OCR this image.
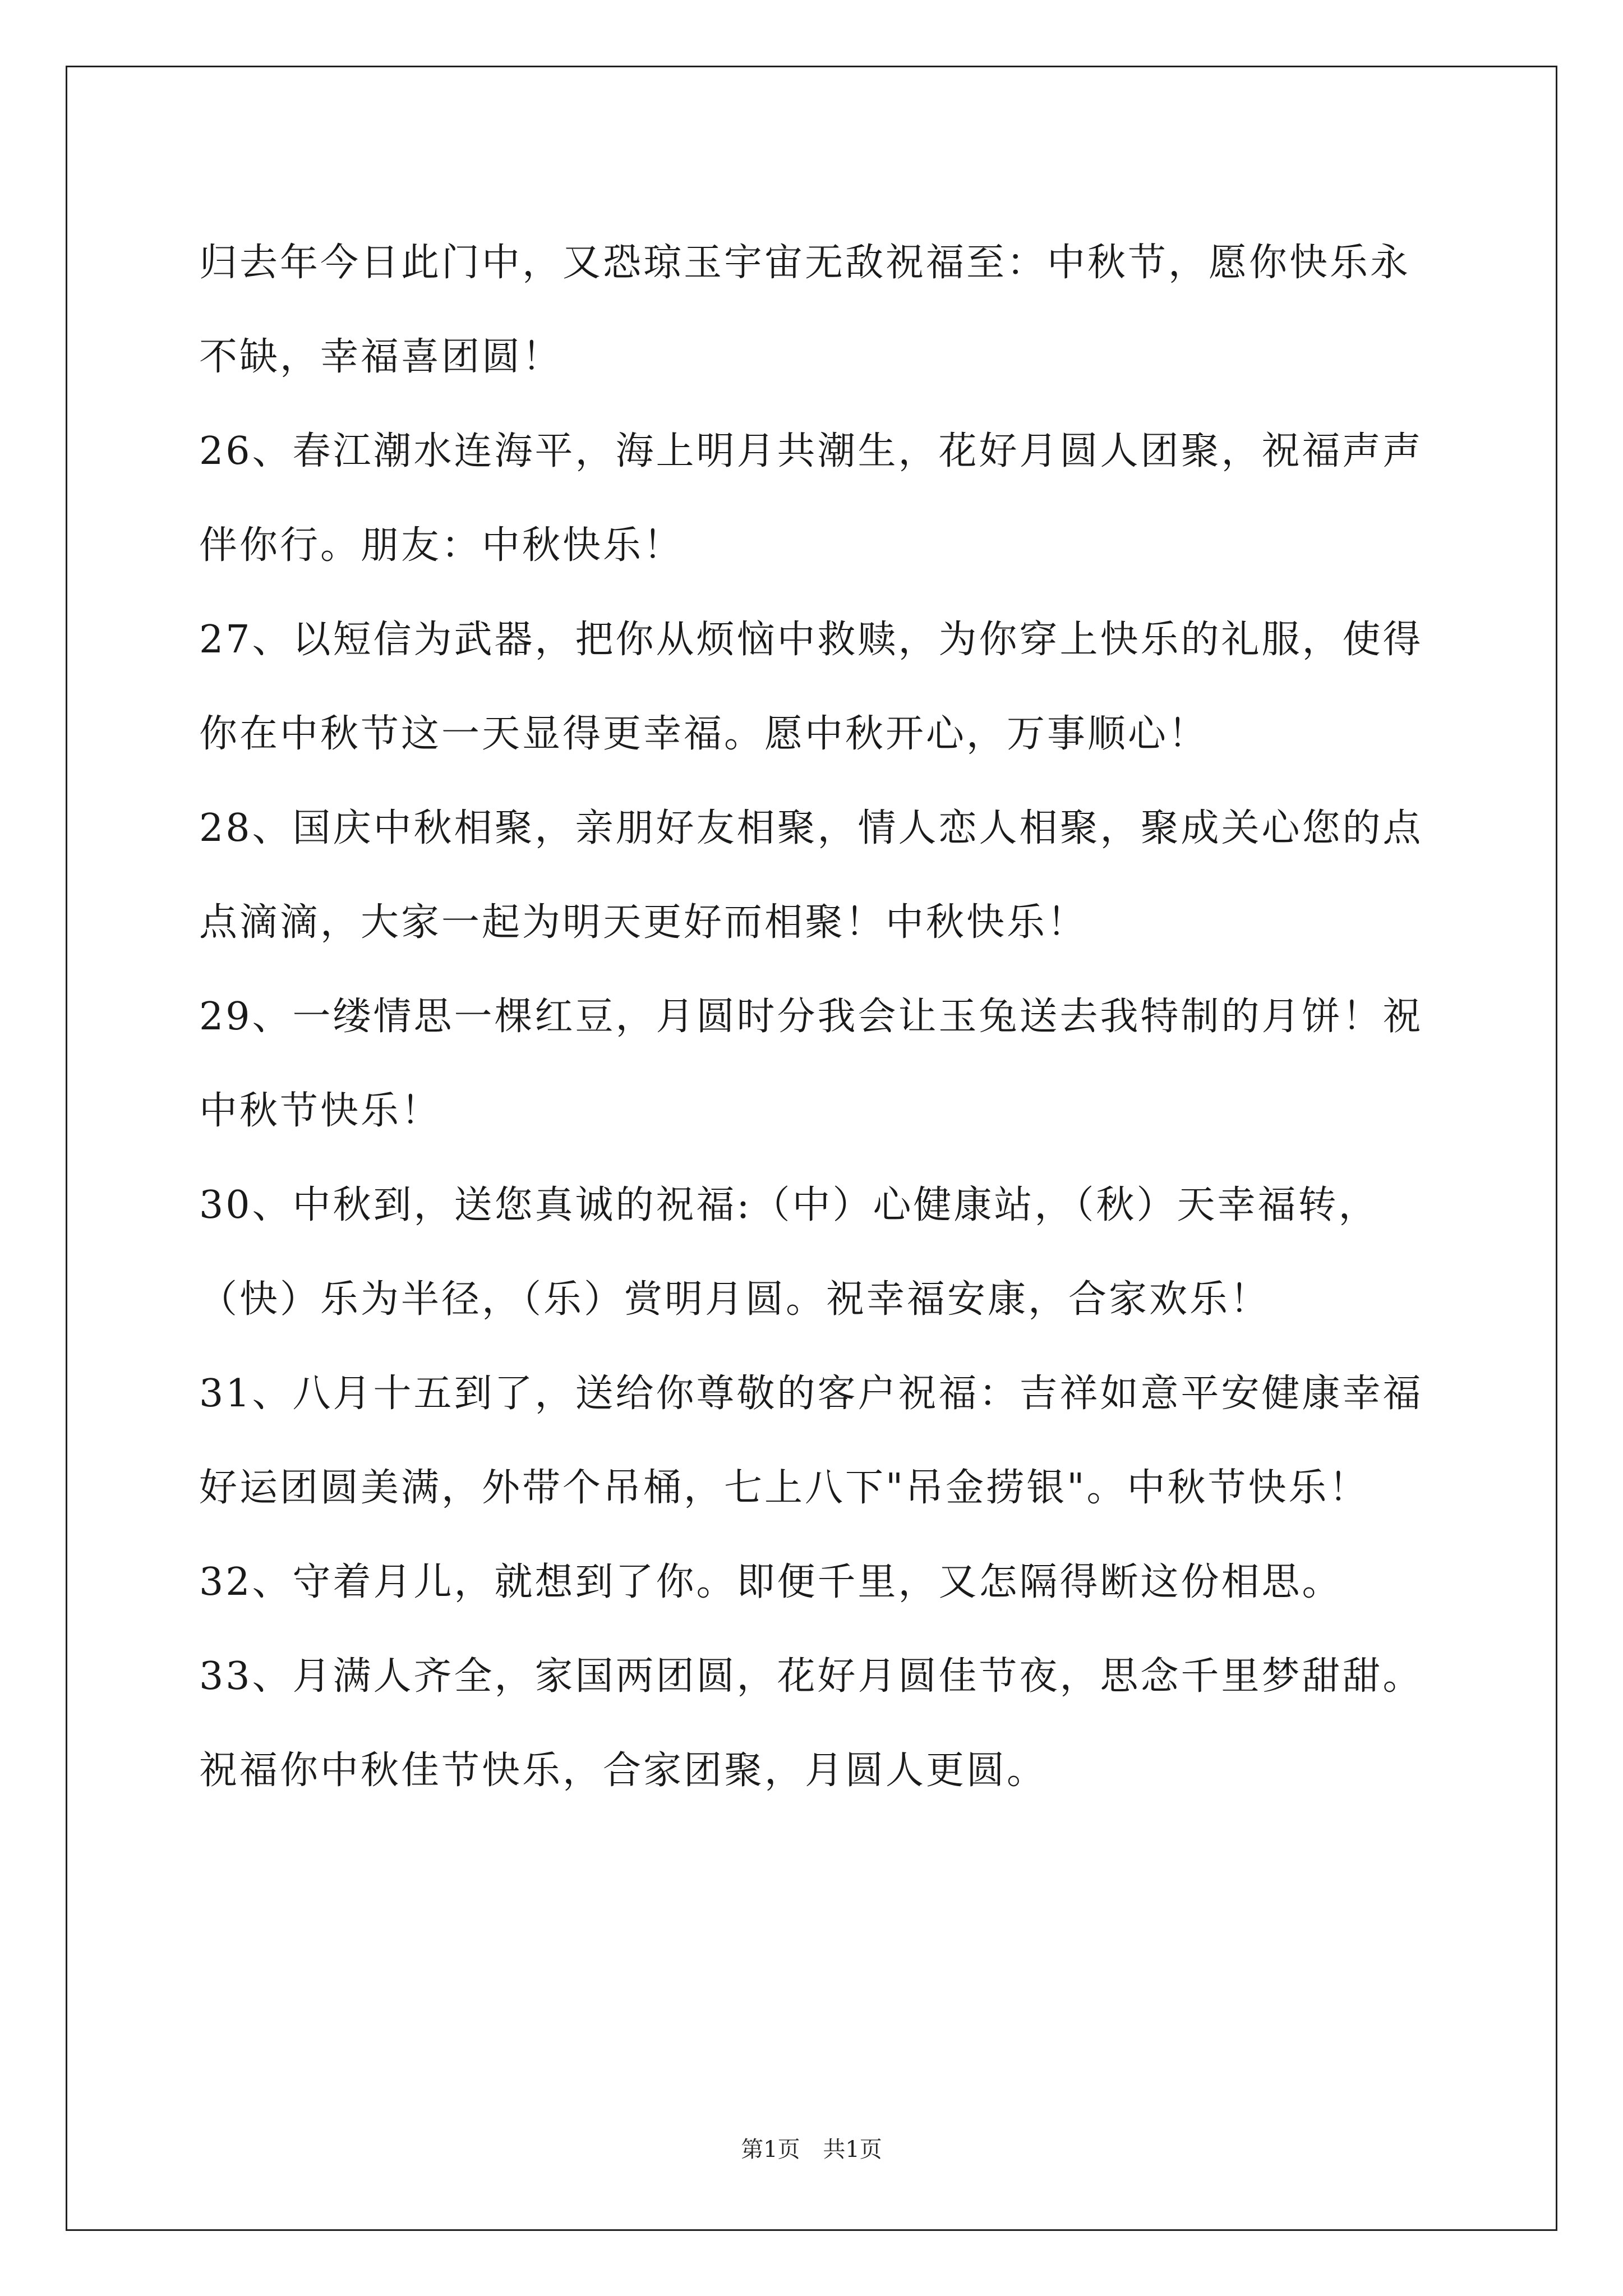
归去年今日此门中，又恐琼玉宇宙无敌祝福至：中秋节，愿你快乐永不缺，幸福喜团圆！

26、春江潮水连海平，海上明月共潮生，花好月圆人团聚，祝福声声伴你行。朋友：中秋快乐！

27、以短信为武器，把你从烦恼中救赎，为你穿上快乐的礼服，使得你在中秋节这一天显得更幸福。愿中秋开心，万事顺心！

28、国庆中秋相聚，亲朋好友相聚，情人恋人相聚，聚成关心您的点点滴滴，大家一起为明天更好而相聚！中秋快乐！

29、一缕情思一棵红豆，月圆时分我会让玉兔送去我特制的月饼！祝中秋节快乐！

30、中秋到，送您真诚的祝福:（中）心健康站，（秋）天幸福转，（快）乐为半径，（乐）赏明月圆。祝幸福安康，合家欢乐！

31、八月十五到了，送给你尊敬的客户祝福：吉祥如意平安健康幸福好运团圆美满，外带个吊桶，七上八下"吊金捞银"。中秋节快乐！

32、守着月儿，就想到了你。即便千里，又怎隔得断这份相思。

33、月满人齐全，家国两团圆，花好月圆佳节夜，思念千里梦甜甜。祝福你中秋佳节快乐，合家团聚，月圆人更圆。

第1页 共1页
